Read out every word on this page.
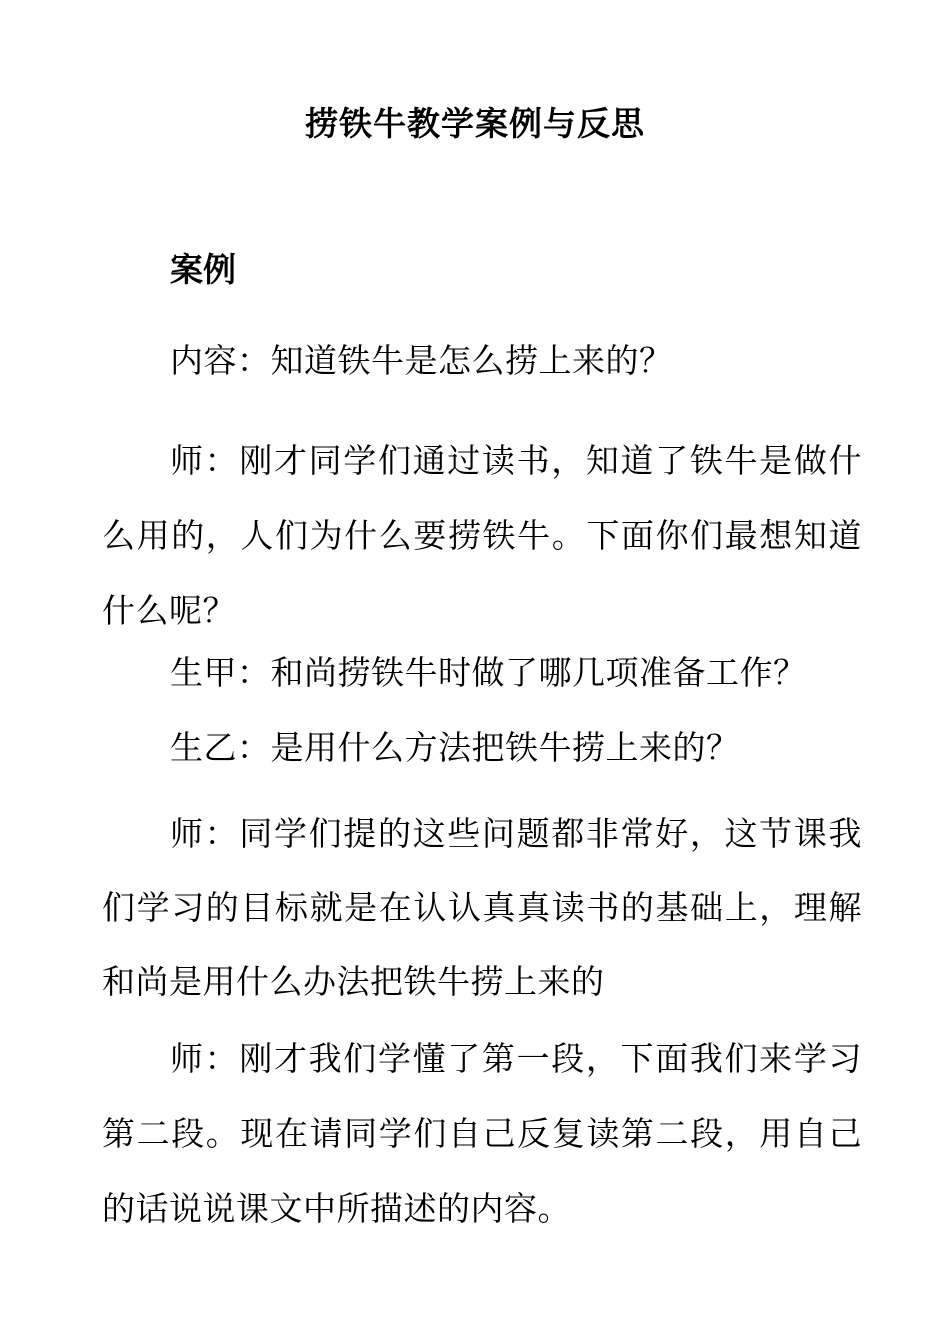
捞铁牛教学案例与反思
案例

内容：知道铁牛是怎么捞上来的？

师：刚才同学们通过读书，知道了铁牛是做什么用的，人们为什么要捞铁牛。下面你们最想知道什么呢？

生甲：和尚捞铁牛时做了哪几项准备工作？

生乙：是用什么方法把铁牛捞上来的？

师：同学们提的这些问题都非常好，这节课我们学习的目标就是在认认真真读书的基础上，理解和尚是用什么办法把铁牛捞上来的

师：刚才我们学懂了第一段，下面我们来学习第二段。现在请同学们自己反复读第二段，用自己的话说说课文中所描述的内容。
